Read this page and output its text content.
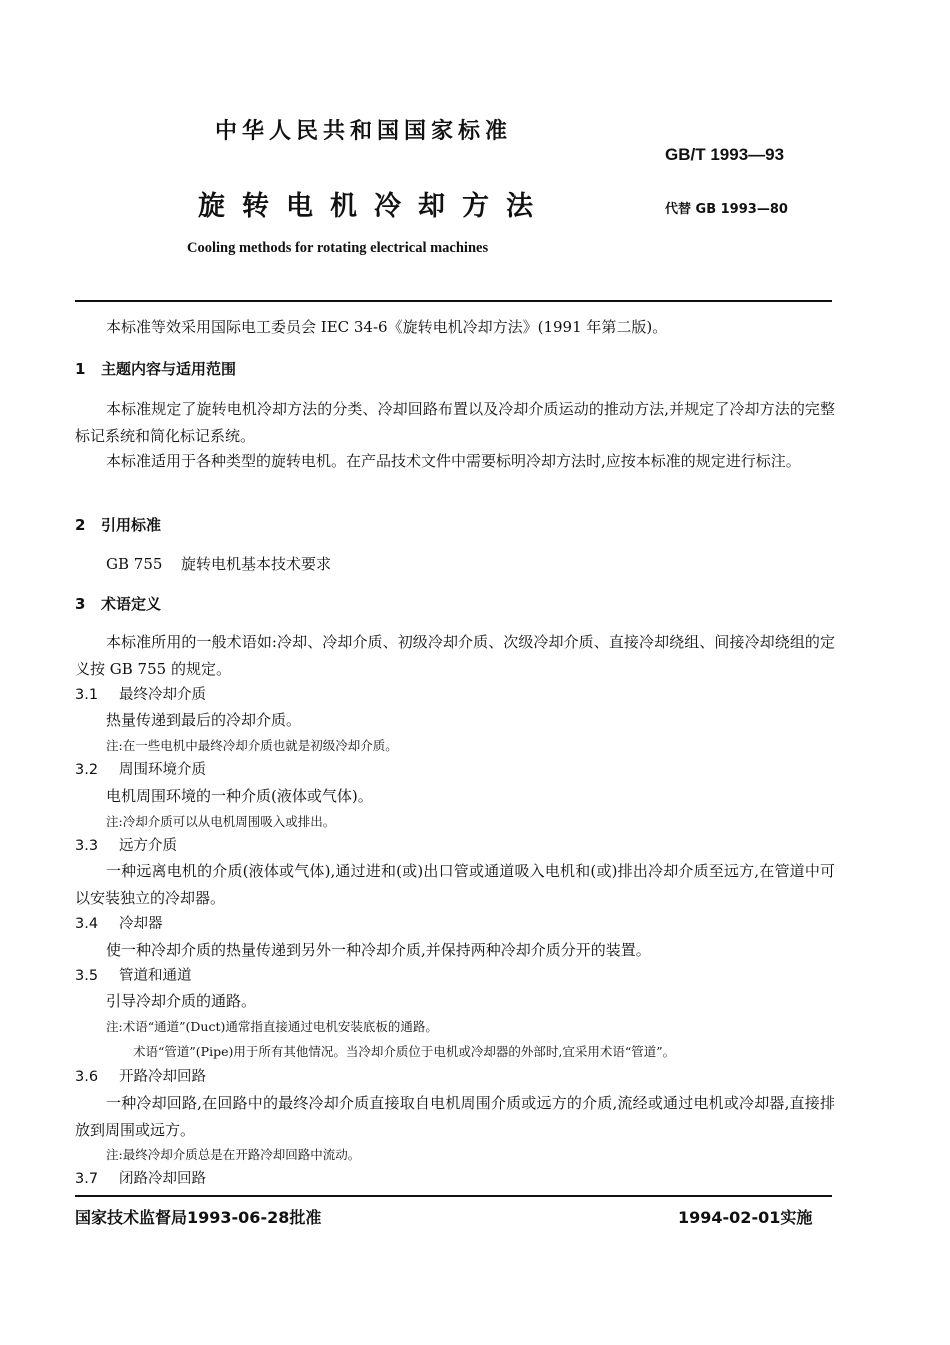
中华人民共和国国家标准
GB/T 1993—93
旋转电机冷却方法	代替 GB 1993—80
Cooling methods for rotating electrical machines
本标准等效采用国际电工委员会 IEC 34-6《旋转电机冷却方法》(1991 年第二版)。
1 主题内容与适用范围
本标准规定了旋转电机冷却方法的分类、冷却回路布置以及冷却介质运动的推动方法,并规定了冷却方法的完整标记系统和简化标记系统。
本标准适用于各种类型的旋转电机。在产品技术文件中需要标明冷却方法时,应按本标准的规定进行标注。
2 引用标准
GB 755 旋转电机基本技术要求
3 术语定义
本标准所用的一般术语如:冷却、冷却介质、初级冷却介质、次级冷却介质、直接冷却绕组、间接冷却绕组的定义按 GB 755 的规定。
3.1 最终冷却介质
热量传递到最后的冷却介质。
注:在一些电机中最终冷却介质也就是初级冷却介质。
3.2 周围环境介质
电机周围环境的一种介质(液体或气体)。
注:冷却介质可以从电机周围吸入或排出。
3.3 远方介质
一种远离电机的介质(液体或气体),通过进和(或)出口管或通道吸入电机和(或)排出冷却介质至远方,在管道中可以安装独立的冷却器。
3.4 冷却器
使一种冷却介质的热量传递到另外一种冷却介质,并保持两种冷却介质分开的装置。
3.5 管道和通道
引导冷却介质的通路。
注:术语“通道”(Duct)通常指直接通过电机安装底板的通路。
术语“管道”(Pipe)用于所有其他情况。当冷却介质位于电机或冷却器的外部时,宜采用术语“管道”。
3.6 开路冷却回路
一种冷却回路,在回路中的最终冷却介质直接取自电机周围介质或远方的介质,流经或通过电机或冷却器,直接排放到周围或远方。
注:最终冷却介质总是在开路冷却回路中流动。
3.7 闭路冷却回路
国家技术监督局1993-06-28批准	1994-02-01实施
